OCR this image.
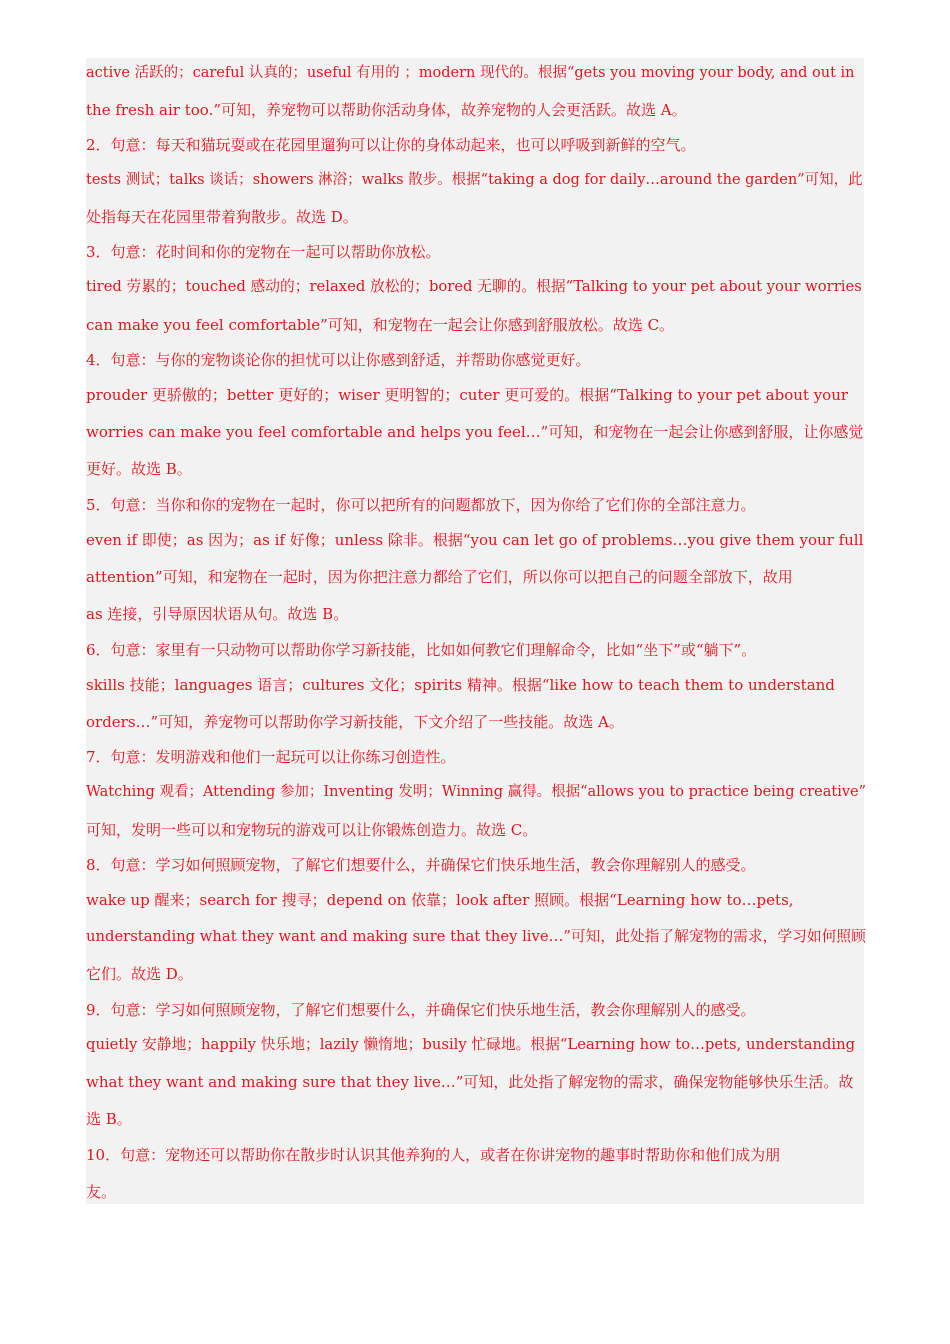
active 活跃的；careful 认真的；useful 有用的 ；modern 现代的。根据“gets you moving your body, and out in
the fresh air too.”可知，养宠物可以帮助你活动身体，故养宠物的人会更活跃。故选 A。
2．句意：每天和猫玩耍或在花园里遛狗可以让你的身体动起来，也可以呼吸到新鲜的空气。
tests 测试；talks 谈话；showers 淋浴；walks 散步。根据“taking a dog for daily…around the garden”可知，此
处指每天在花园里带着狗散步。故选 D。
3．句意：花时间和你的宠物在一起可以帮助你放松。
tired 劳累的；touched 感动的；relaxed 放松的；bored 无聊的。根据“Talking to your pet about your worries
can make you feel comfortable”可知，和宠物在一起会让你感到舒服放松。故选 C。
4．句意：与你的宠物谈论你的担忧可以让你感到舒适，并帮助你感觉更好。
prouder 更骄傲的；better 更好的；wiser 更明智的；cuter 更可爱的。根据“Talking to your pet about your
worries can make you feel comfortable and helps you feel…”可知，和宠物在一起会让你感到舒服，让你感觉
更好。故选 B。
5．句意：当你和你的宠物在一起时，你可以把所有的问题都放下，因为你给了它们你的全部注意力。
even if 即使；as 因为；as if 好像；unless 除非。根据“you can let go of problems…you give them your full
attention”可知，和宠物在一起时，因为你把注意力都给了它们，所以你可以把自己的问题全部放下，故用
as 连接，引导原因状语从句。故选 B。
6．句意：家里有一只动物可以帮助你学习新技能，比如如何教它们理解命令，比如“坐下”或“躺下”。
skills 技能；languages 语言；cultures 文化；spirits 精神。根据“like how to teach them to understand
orders…”可知，养宠物可以帮助你学习新技能，下文介绍了一些技能。故选 A。
7．句意：发明游戏和他们一起玩可以让你练习创造性。
Watching 观看；Attending 参加；Inventing 发明；Winning 赢得。根据“allows you to practice being creative”
可知，发明一些可以和宠物玩的游戏可以让你锻炼创造力。故选 C。
8．句意：学习如何照顾宠物，了解它们想要什么，并确保它们快乐地生活，教会你理解别人的感受。
wake up 醒来；search for 搜寻；depend on 依靠；look after 照顾。根据“Learning how to…pets,
understanding what they want and making sure that they live…”可知，此处指了解宠物的需求，学习如何照顾
它们。故选 D。
9．句意：学习如何照顾宠物，了解它们想要什么，并确保它们快乐地生活，教会你理解别人的感受。
quietly 安静地；happily 快乐地；lazily 懒惰地；busily 忙碌地。根据“Learning how to…pets, understanding
what they want and making sure that they live…”可知，此处指了解宠物的需求，确保宠物能够快乐生活。故
选 B。
10．句意：宠物还可以帮助你在散步时认识其他养狗的人，或者在你讲宠物的趣事时帮助你和他们成为朋
友。
